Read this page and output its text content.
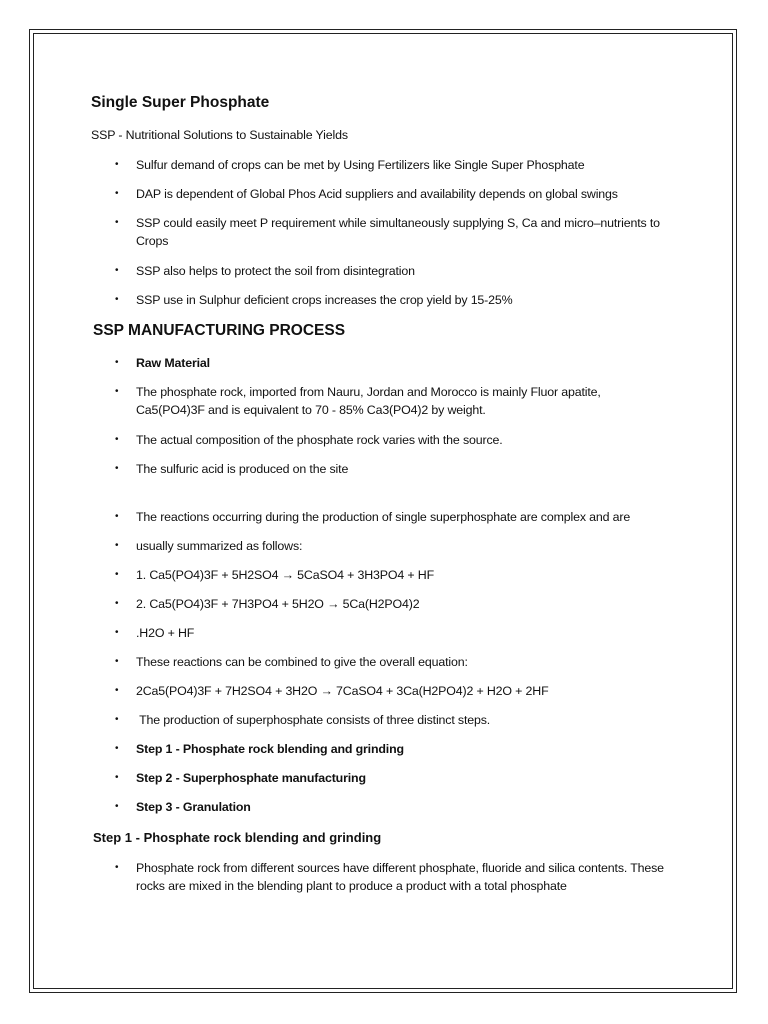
Single Super Phosphate
SSP - Nutritional Solutions to Sustainable Yields
• Sulfur demand of crops can be met by Using Fertilizers like Single Super Phosphate
• DAP is dependent of Global Phos Acid suppliers and availability depends on global swings
• SSP could easily meet P requirement while simultaneously supplying S, Ca and micro–nutrients to Crops
• SSP also helps to protect the soil from disintegration
• SSP use in Sulphur deficient crops increases the crop yield by 15-25%
SSP MANUFACTURING PROCESS
• Raw Material
• The phosphate rock, imported from Nauru, Jordan and Morocco is mainly Fluor apatite, Ca5(PO4)3F and is equivalent to 70 - 85% Ca3(PO4)2 by weight.
• The actual composition of the phosphate rock varies with the source.
• The sulfuric acid is produced on the site
• The reactions occurring during the production of single superphosphate are complex and are
• usually summarized as follows:
• 1. Ca5(PO4)3F + 5H2SO4 → 5CaSO4 + 3H3PO4 + HF
• 2. Ca5(PO4)3F + 7H3PO4 + 5H2O → 5Ca(H2PO4)2
• .H2O + HF
• These reactions can be combined to give the overall equation:
• 2Ca5(PO4)3F + 7H2SO4 + 3H2O → 7CaSO4 + 3Ca(H2PO4)2 + H2O + 2HF
• The production of superphosphate consists of three distinct steps.
• Step 1 - Phosphate rock blending and grinding
• Step 2 - Superphosphate manufacturing
• Step 3 - Granulation
Step 1 - Phosphate rock blending and grinding
• Phosphate rock from different sources have different phosphate, fluoride and silica contents. These rocks are mixed in the blending plant to produce a product with a total phosphate
